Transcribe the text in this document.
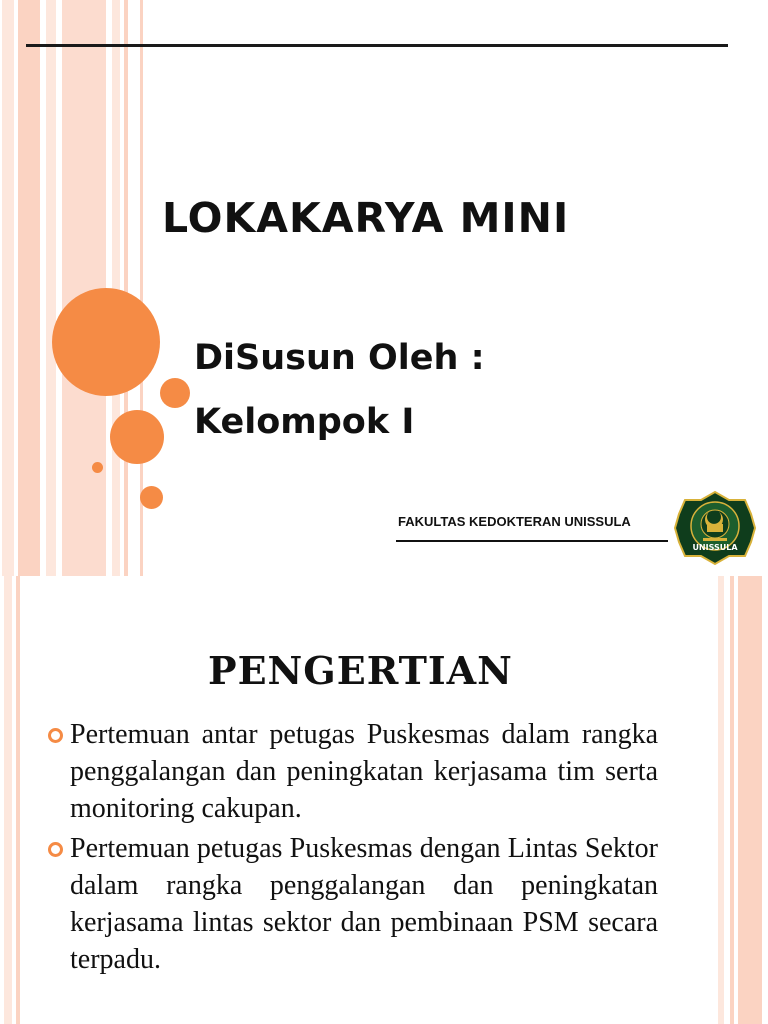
LOKAKARYA MINI

DiSusun Oleh :

Kelompok I

FAKULTAS KEDOKTERAN UNISSULA
UNISSULA
PENGERTIAN
Pertemuan antar petugas Puskesmas dalam rangka penggalangan dan peningkatan kerjasama tim serta monitoring cakupan.
Pertemuan petugas Puskesmas dengan Lintas Sektor dalam rangka penggalangan dan peningkatan kerjasama lintas sektor dan pembinaan PSM secara terpadu.
